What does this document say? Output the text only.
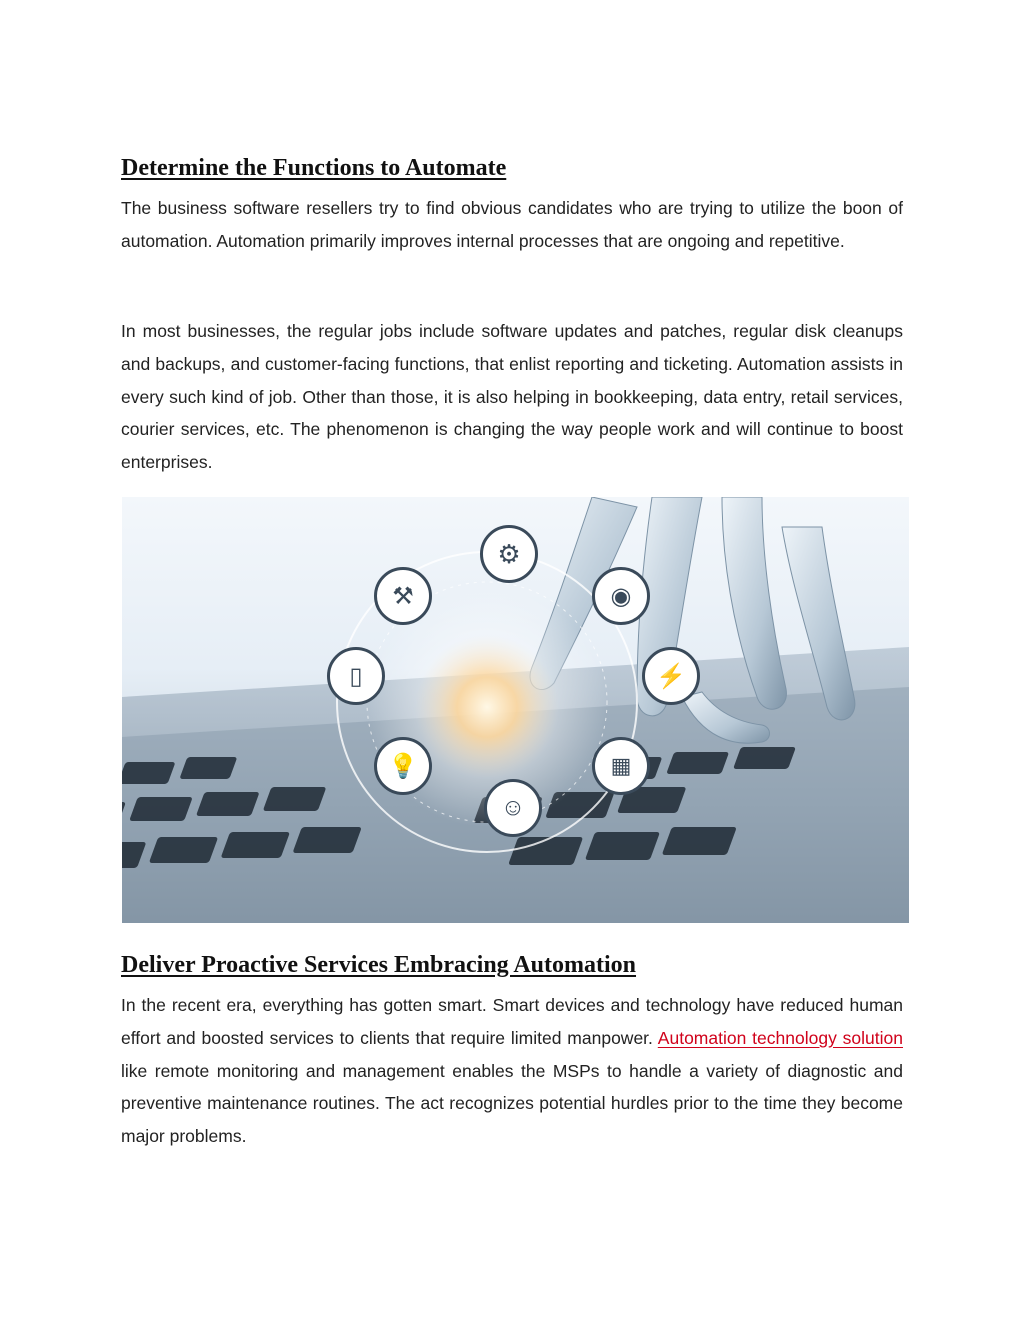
Determine the Functions to Automate

The business software resellers try to find obvious candidates who are trying to utilize the boon of automation. Automation primarily improves internal processes that are ongoing and repetitive.

In most businesses, the regular jobs include software updates and patches, regular disk cleanups and backups, and customer-facing functions, that enlist reporting and ticketing. Automation assists in every such kind of job. Other than those, it is also helping in bookkeeping, data entry, retail services, courier services, etc. The phenomenon is changing the way people work and will continue to boost enterprises.

⚙
◉
⚡
▦
☺
💡
▯
⚒
Deliver Proactive Services Embracing Automation

In the recent era, everything has gotten smart. Smart devices and technology have reduced human effort and boosted services to clients that require limited manpower. Automation technology solution like remote monitoring and management enables the MSPs to handle a variety of diagnostic and preventive maintenance routines. The act recognizes potential hurdles prior to the time they become major problems.
